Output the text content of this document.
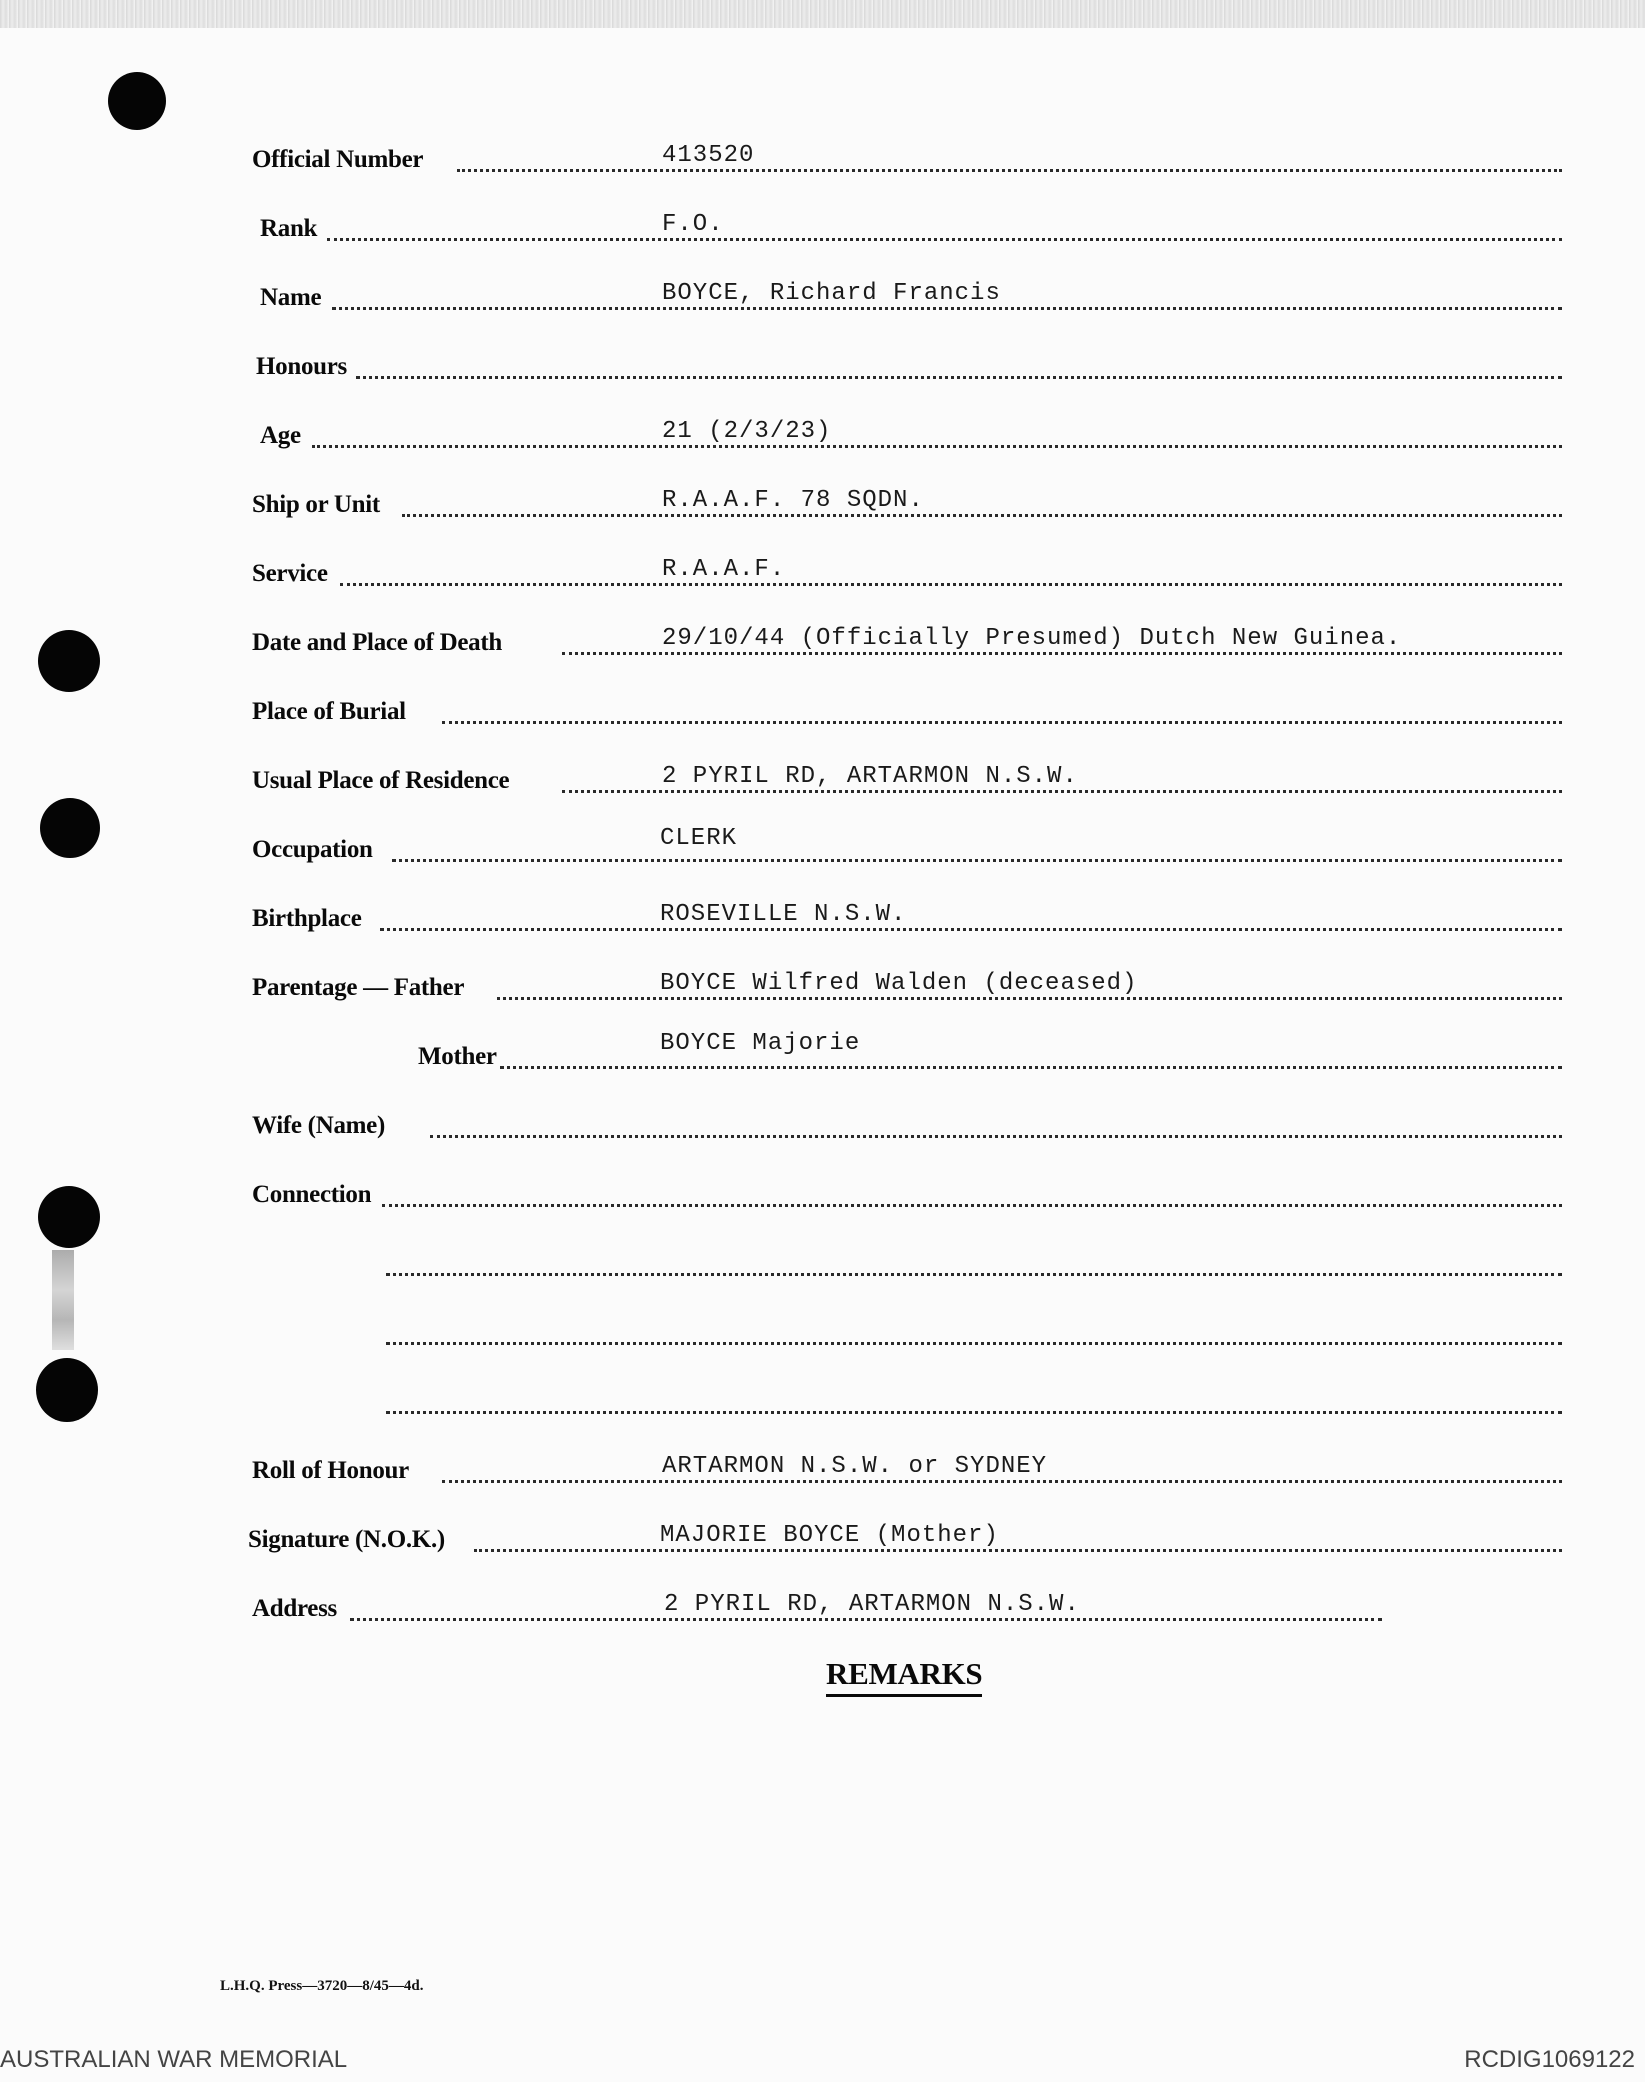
Official Number	413520
Rank	F.O.
Name	BOYCE, Richard Francis
Honours
Age	21 (2/3/23)
Ship or Unit	R.A.A.F. 78 SQDN.
Service	R.A.A.F.
Date and Place of Death	29/10/44 (Officially Presumed) Dutch New Guinea.
Place of Burial
Usual Place of Residence	2 PYRIL RD, ARTARMON N.S.W.
Occupation	CLERK
Birthplace	ROSEVILLE N.S.W.
Parentage — Father	BOYCE Wilfred Walden (deceased)
Mother	BOYCE Majorie
Wife (Name)
Connection
Roll of Honour	ARTARMON N.S.W. or SYDNEY
Signature (N.O.K.)	MAJORIE BOYCE (Mother)
Address	2 PYRIL RD, ARTARMON N.S.W.
REMARKS
L.H.Q. Press—3720—8/45—4d.
AUSTRALIAN WAR MEMORIAL	RCDIG1069122
